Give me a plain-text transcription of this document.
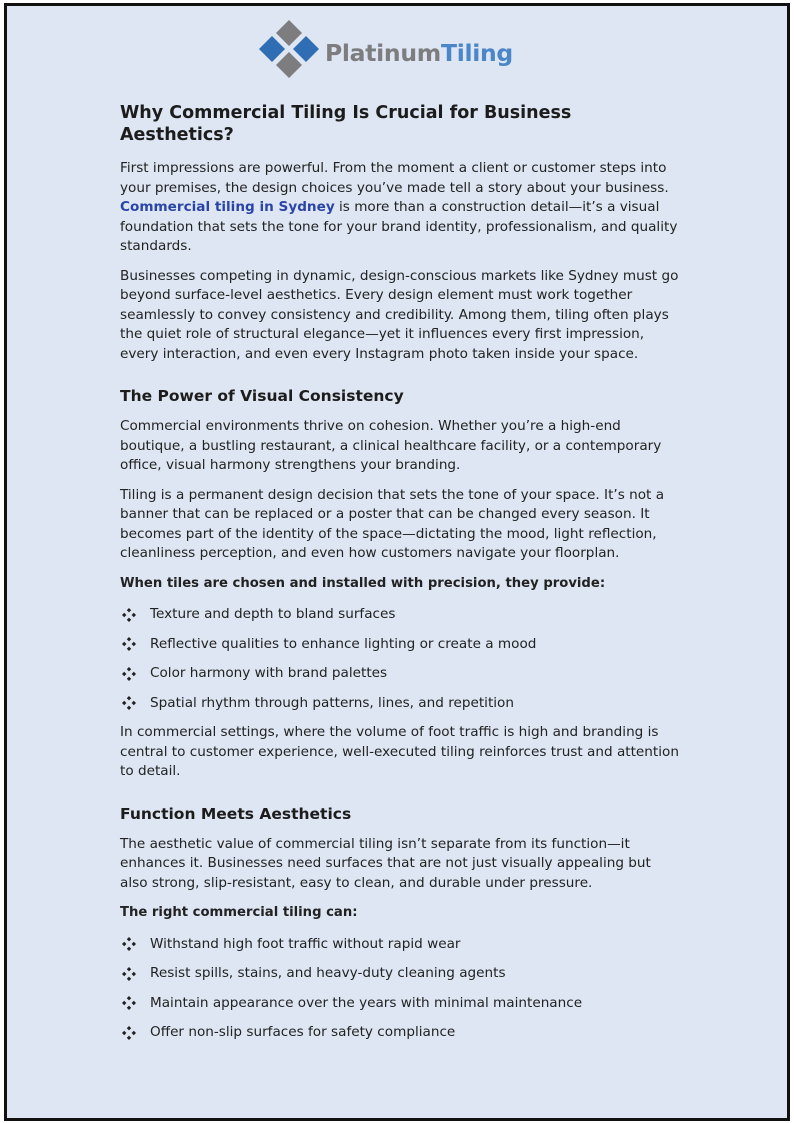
PlatinumTiling
Why Commercial Tiling Is Crucial for Business Aesthetics?

First impressions are powerful. From the moment a client or customer steps into your premises, the design choices you’ve made tell a story about your business. Commercial tiling in Sydney is more than a construction detail—it’s a visual foundation that sets the tone for your brand identity, professionalism, and quality standards.

Businesses competing in dynamic, design-conscious markets like Sydney must go beyond surface-level aesthetics. Every design element must work together seamlessly to convey consistency and credibility. Among them, tiling often plays the quiet role of structural elegance—yet it influences every first impression, every interaction, and even every Instagram photo taken inside your space.

The Power of Visual Consistency

Commercial environments thrive on cohesion. Whether you’re a high-end boutique, a bustling restaurant, a clinical healthcare facility, or a contemporary office, visual harmony strengthens your branding.

Tiling is a permanent design decision that sets the tone of your space. It’s not a banner that can be replaced or a poster that can be changed every season. It becomes part of the identity of the space—dictating the mood, light reflection, cleanliness perception, and even how customers navigate your floorplan.

When tiles are chosen and installed with precision, they provide:

Texture and depth to bland surfaces
Reflective qualities to enhance lighting or create a mood
Color harmony with brand palettes
Spatial rhythm through patterns, lines, and repetition

In commercial settings, where the volume of foot traffic is high and branding is central to customer experience, well-executed tiling reinforces trust and attention to detail.

Function Meets Aesthetics

The aesthetic value of commercial tiling isn’t separate from its function—it enhances it. Businesses need surfaces that are not just visually appealing but also strong, slip-resistant, easy to clean, and durable under pressure.

The right commercial tiling can:

Withstand high foot traffic without rapid wear
Resist spills, stains, and heavy-duty cleaning agents
Maintain appearance over the years with minimal maintenance
Offer non-slip surfaces for safety compliance
